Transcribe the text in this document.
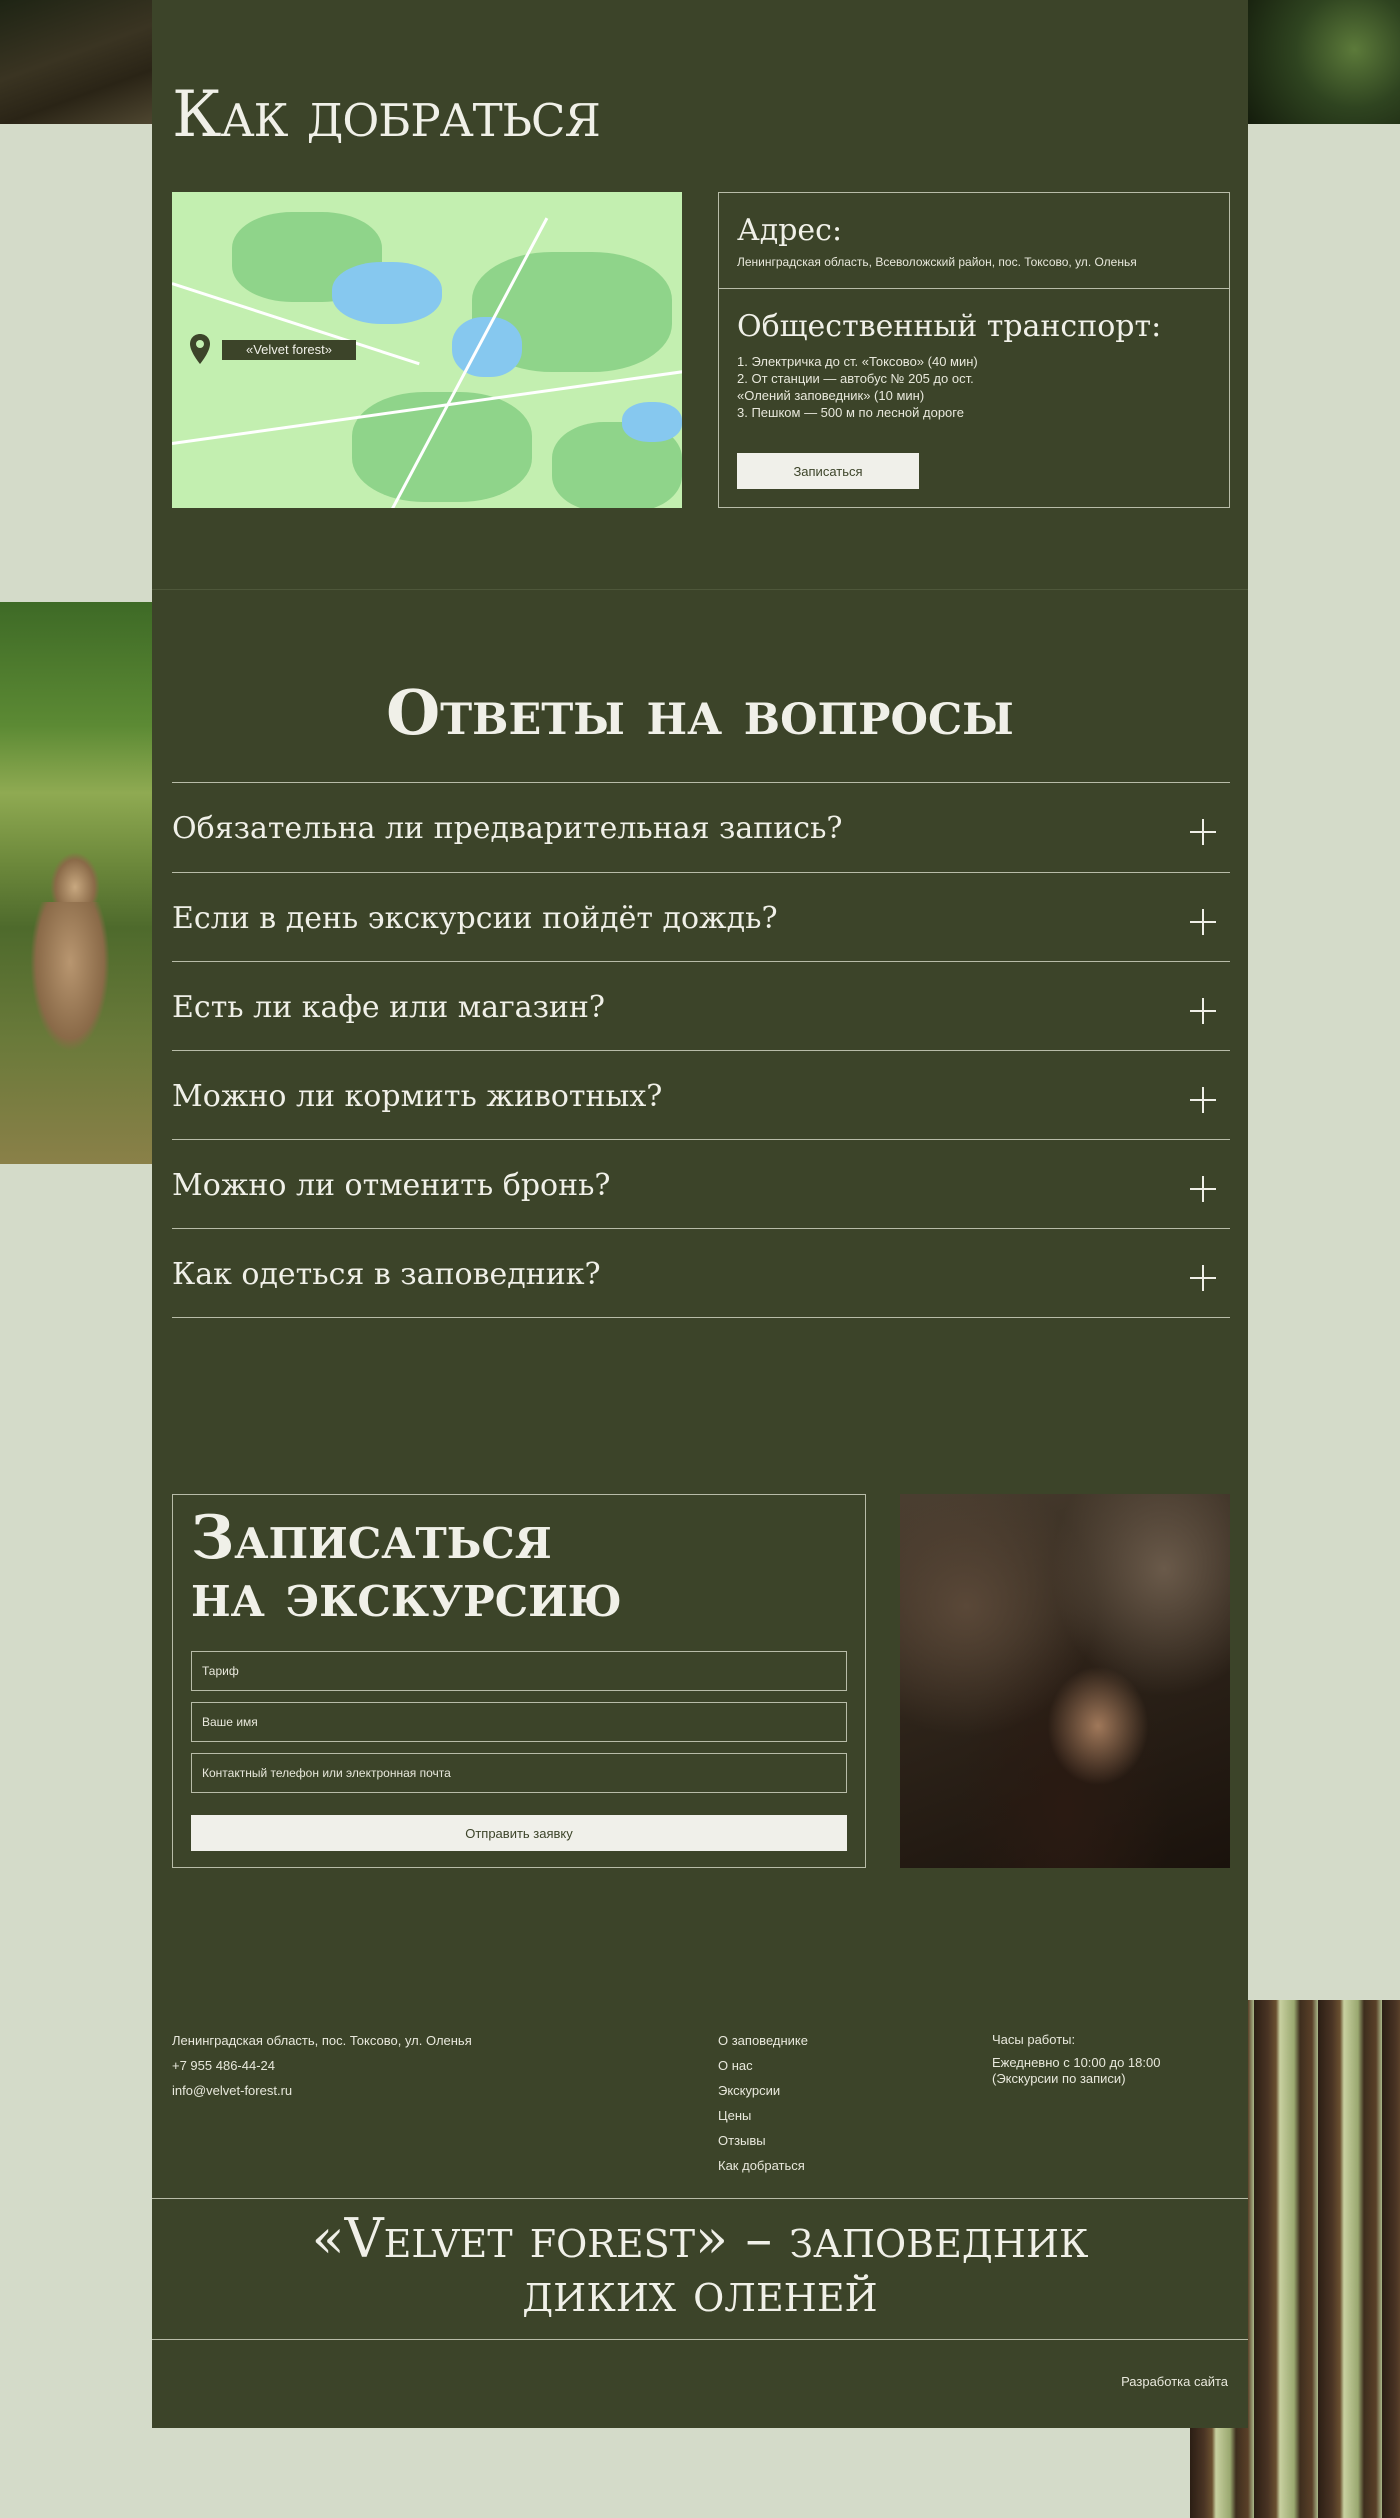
Как добраться
«Velvet forest»
Адрес:
Ленинградская область, Всеволожский район, пос. Токсово, ул. Оленья
Общественный транспорт:
1. Электричка до ст. «Токсово» (40 мин)
2. От станции — автобус № 205 до ост.
«Олений заповедник» (10 мин)
3. Пешком — 500 м по лесной дороге
Записаться
Ответы на вопросы
Обязательна ли предварительная запись?
Если в день экскурсии пойдёт дождь?
Есть ли кафе или магазин?
Можно ли кормить животных?
Можно ли отменить бронь?
Как одеться в заповедник?
Записаться
на экскурсию
Тариф
Ваше имя
Контактный телефон или электронная почта
Отправить заявку
Ленинградская область, пос. Токсово, ул. Оленья
+7 955 486-44-24
info@velvet-forest.ru
О заповеднике
О нас
Экскурсии
Цены
Отзывы
Как добраться
Часы работы:
Ежедневно с 10:00 до 18:00
(Экскурсии по записи)
«Velvet forest» – заповедник
диких оленей
Разработка сайта
